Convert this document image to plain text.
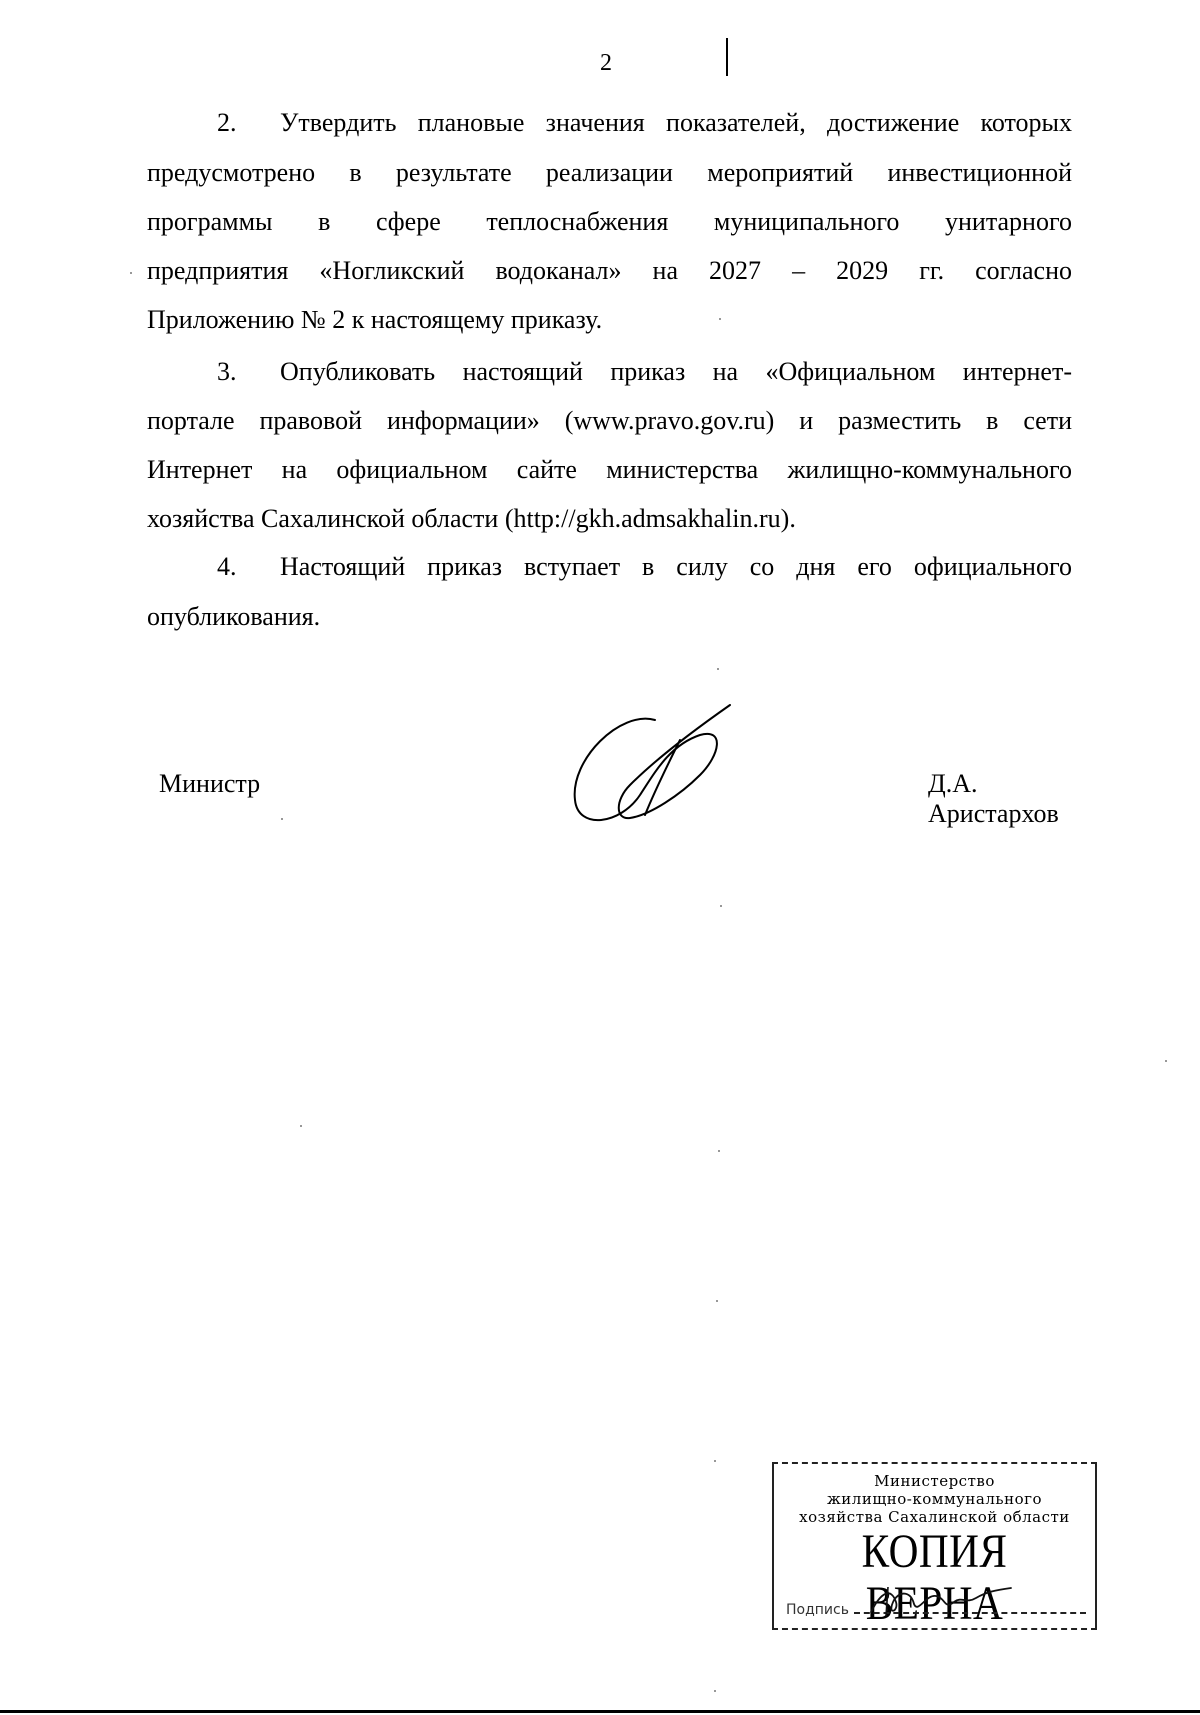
2
2. Утвердить плановые значения показателей, достижение которых
предусмотрено в результате реализации мероприятий инвестиционной
программы в сфере теплоснабжения муниципального унитарного
предприятия «Ногликский водоканал» на 2027 – 2029 гг. согласно
Приложению № 2 к настоящему приказу.
3. Опубликовать настоящий приказ на «Официальном интернет-
портале правовой информации» (www.pravo.gov.ru) и разместить в сети
Интернет на официальном сайте министерства жилищно-коммунального
хозяйства Сахалинской области (http://gkh.admsakhalin.ru).
4. Настоящий приказ вступает в силу со дня его официального
опубликования.
Министр	Д.А. Аристархов
Министерство
жилищно-коммунального
хозяйства Сахалинской области
КОПИЯ ВЕРНА
Подпись
